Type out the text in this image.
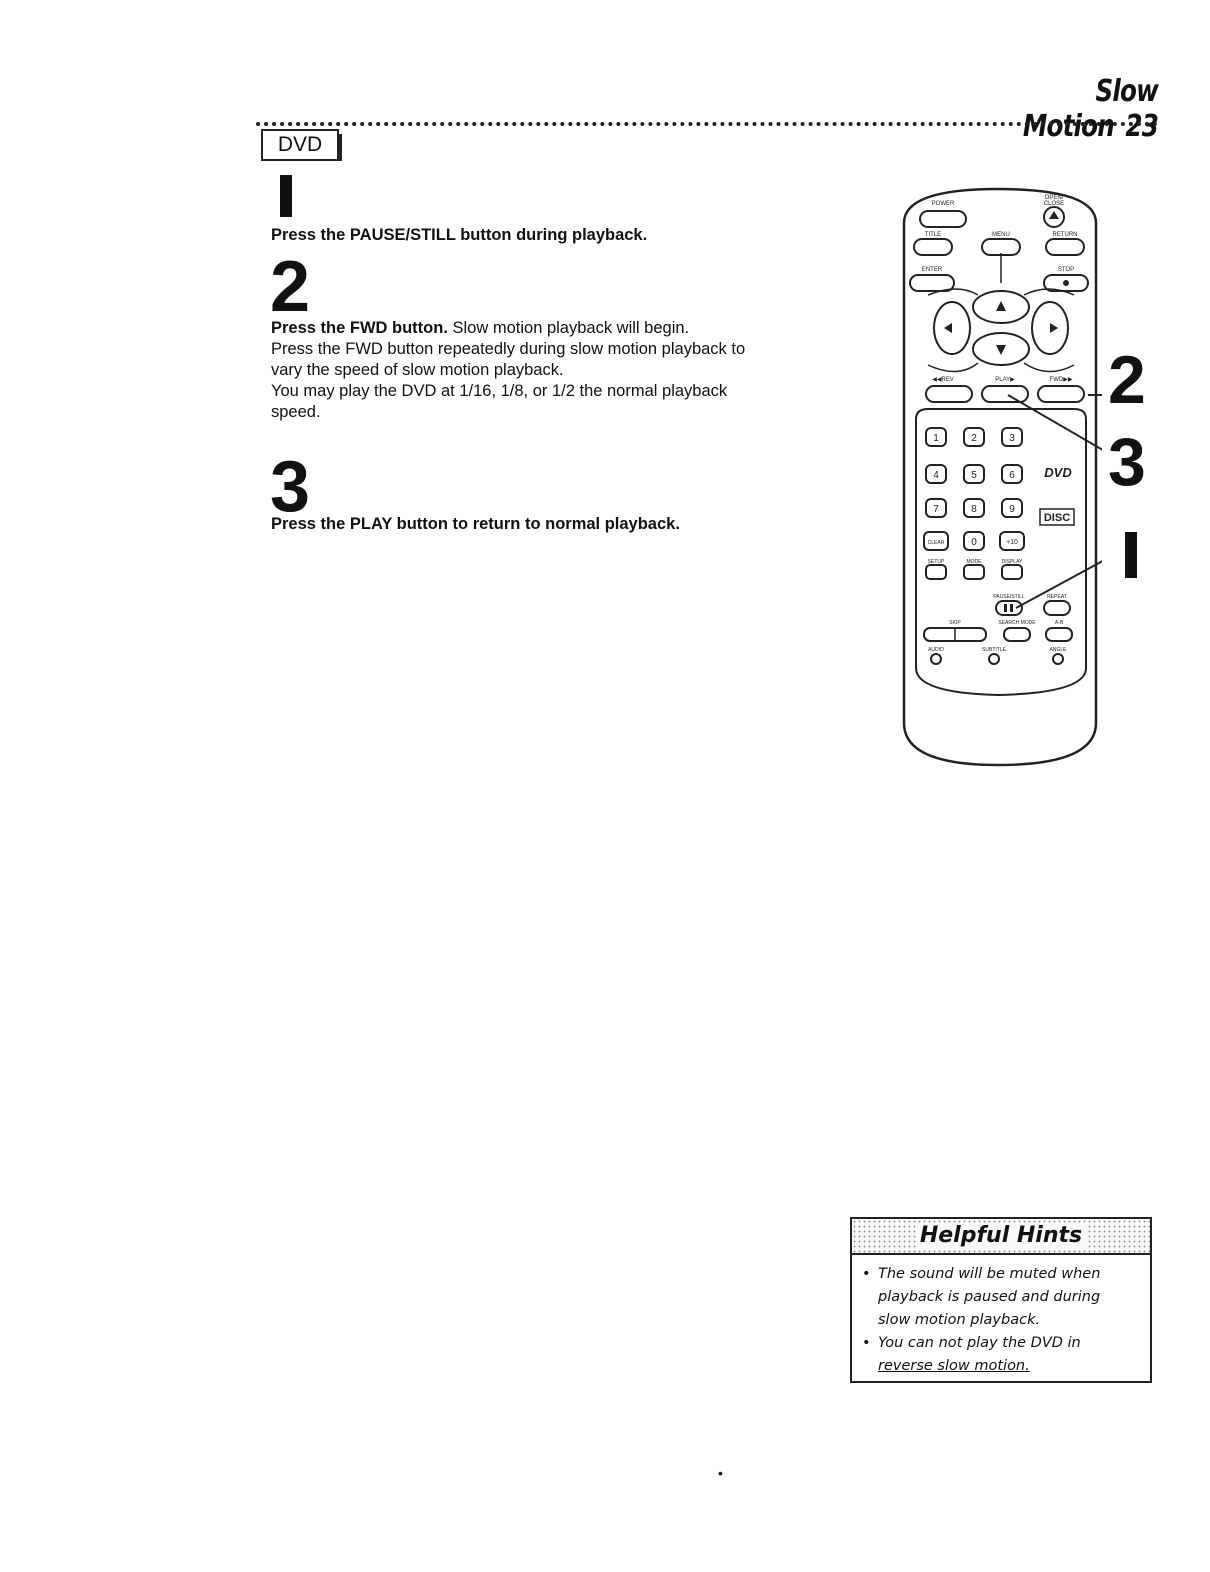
Slow Motion 23
DVD
Press the PAUSE/STILL button during playback.
2
Press the FWD button. Slow motion playback will begin.
Press the FWD button repeatedly during slow motion playback to
vary the speed of slow motion playback.
You may play the DVD at 1/16, 1/8, or 1/2 the normal playback
speed.
3
Press the PLAY button to return to normal playback.
POWER
OPEN/
CLOSE
TITLE	MENU	RETURN
ENTER	STOP
◀◀REV	PLAY▶	FWD▶▶
1	2	3
4	5	6
7	8	9
CLEAR	0	+10
SETUP	MODE	DISPLAY
PAUSE/STILL	REPEAT
SKIP	SEARCH MODE	A-B
AUDIO	SUBTITLE	ANGLE
DVD
DISC
2
3
Helpful Hints
• The sound will be muted when
playback is paused and during
slow motion playback.
• You can not play the DVD in
reverse slow motion.
•
